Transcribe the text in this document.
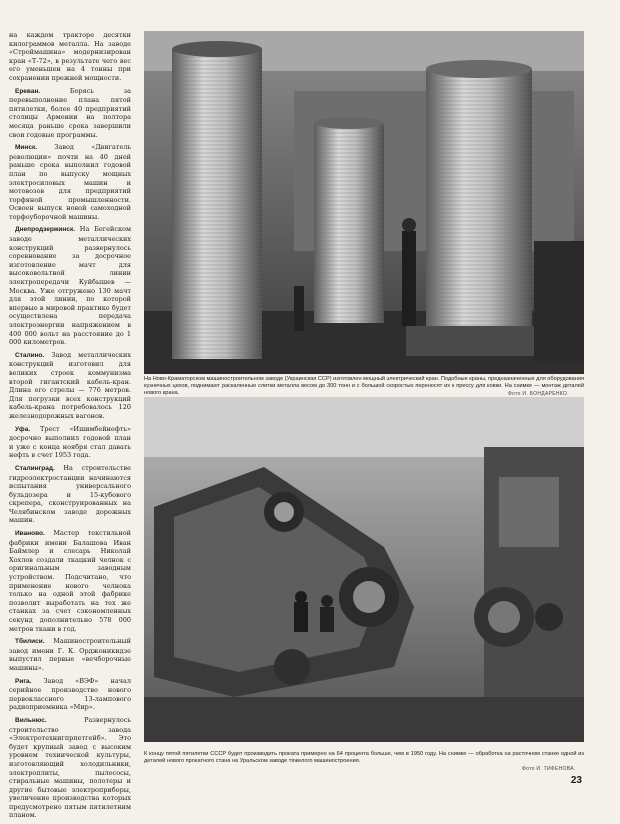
на каждом тракторе десятки килограммов металла. На заводе «Строймашина» модернизирован кран «Т-72», в результате чего вес его уменьшен на 4 тонны при сохранении прежней мощности.

Ереван. Борясь за перевыполнение плана пятой пятилетки, более 40 предприятий столицы Армении на полтора месяца раньше срока завершили свои годовые программы.

Минск. Завод «Двигатель революции» почти на 40 дней раньше срока выполнил годовой план по выпуску мощных электросиловых машин и мотовозов для предприятий торфяной промышленности. Освоен выпуск новой самоходной торфоуборочной машины.

Днепродзержинск. На Бегейском заводе металлических конструкций развернулось соревнование за досрочное изготовление мачт для высоковольтной линии электропередачи Куйбышев — Москва. Уже отгружено 130 мачт для этой линии, по которой впервые в мировой практике будет осуществлена передача электроэнергии напряжением в 400 000 вольт на расстояние до 1 000 километров.

Сталино. Завод металлических конструкций изготовил для великих строек коммунизма второй гигантский кабель-кран. Длина его стрелы — 776 метров. Для погрузки всех конструкций кабель-крана потребовалось 120 железнодорожных вагонов.

Уфа. Трест «Ишимбейнефть» досрочно выполнил годовой план и уже с конца ноября стал давать нефть в счет 1953 года.

Сталинград. На строительстве гидроэлектростанции начинаются испытания универсального бульдозера и 15-кубового скрепера, сконструированных на Челябинском заводе дорожных машин.

Иваново. Мастер текстильной фабрики имени Балашова Иван Баймлер и слесарь Николай Хохлов создали ткацкий челнок с оригинальным заводным устройством. Подсчитано, что применение нового челнока только на одной этой фабрике позволит выработать на тех же станках за счет сэкономленных секунд дополнительно 578 000 метров ткани в год.

Тбилиси. Машиностроительный завод имени Г. К. Орджоникидзе выпустил первые «вечборочные машины».

Рига. Завод «ВЭФ» начал серийное производство нового первоклассного 13-лампового радиоприемника «Мир».

Вильнюс. Развернулось строительство завода «Электротехнигпрпетгейб». Это будет крупный завод с высоким уровнем технической культуры, изготовляющий холодильники, электроплиты, пылесосы, стиральные машины, полотеры и другие бытовые электроприборы, увеличение производства которых предусмотрено пятым пятилетним планом.

На Ново-Краматорском машиностроительном заводе (Украинская ССР) изготовлен мощный электрический кран. Подобные краны, предназначенные для оборудования кузнечных цехов, поднимают раскаленные слитки металла весом до 300 тонн и с большой скоростью переносят их к прессу для ковки. На снимке — монтаж деталей нового крана.	Фото И. БОНДАРЕНКО.
К концу пятой пятилетки СССР будет производить проката примерно на 64 процента больше, чем в 1950 году. На снимке — обработка на расточном станке одной из деталей нового прокатного стана на Уральском заводе тяжелого машиностроения.
Фото И. ТИФЕНОВА.
23
